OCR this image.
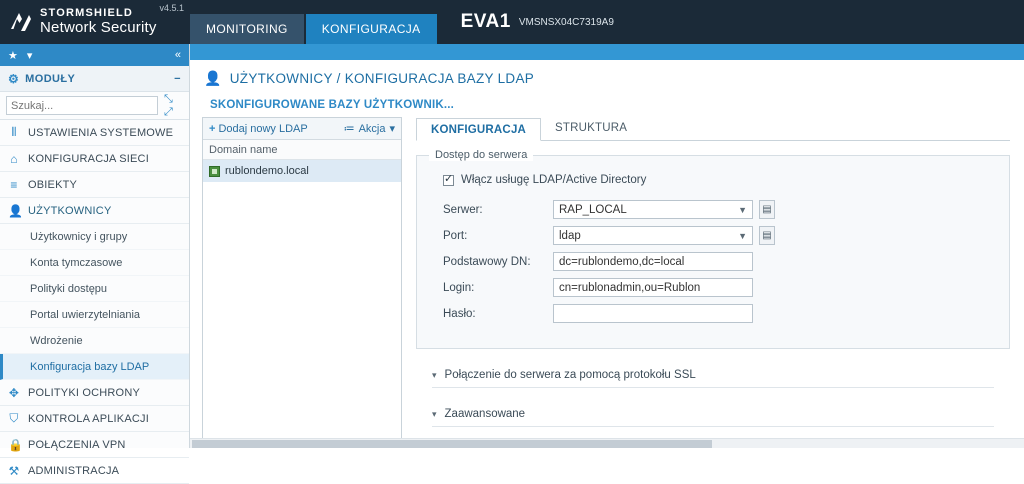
STORMSHIELD
Network Security
v4.5.1
MONITORING	KONFIGURACJA	EVA1 VMSNSX04C7319A9
★ ▾	«
⚙ MODUŁY	−
Szukaj...
⤡ ⤢
⦀ USTAWIENIA SYSTEMOWE
⌂ KONFIGURACJA SIECI
≡ OBIEKTY
👤 UŻYTKOWNICY
Użytkownicy i grupy
Konta tymczasowe
Polityki dostępu
Portal uwierzytelniania
Wdrożenie
Konfiguracja bazy LDAP
✥ POLITYKI OCHRONY
⛉ KONTROLA APLIKACJI
🔒 POŁĄCZENIA VPN
⚒ ADMINISTRACJA
👤 UŻYTKOWNICY / KONFIGURACJA BAZY LDAP
SKONFIGUROWANE BAZY UŻYTKOWNIK...
+ Dodaj nowy LDAP	≔ Akcja ▾
Domain name
rublondemo.local
KONFIGURACJA	STRUKTURA
Dostęp do serwera
✓
Włącz usługę LDAP/Active Directory
Serwer:	RAP_LOCAL	▼ ▤
Port:	ldap	▼ ▤
Podstawowy DN:	dc=rublondemo,dc=local
Login:	cn=rublonadmin,ou=Rublon
Hasło:
▾ Połączenie do serwera za pomocą protokołu SSL
▾ Zaawansowane
